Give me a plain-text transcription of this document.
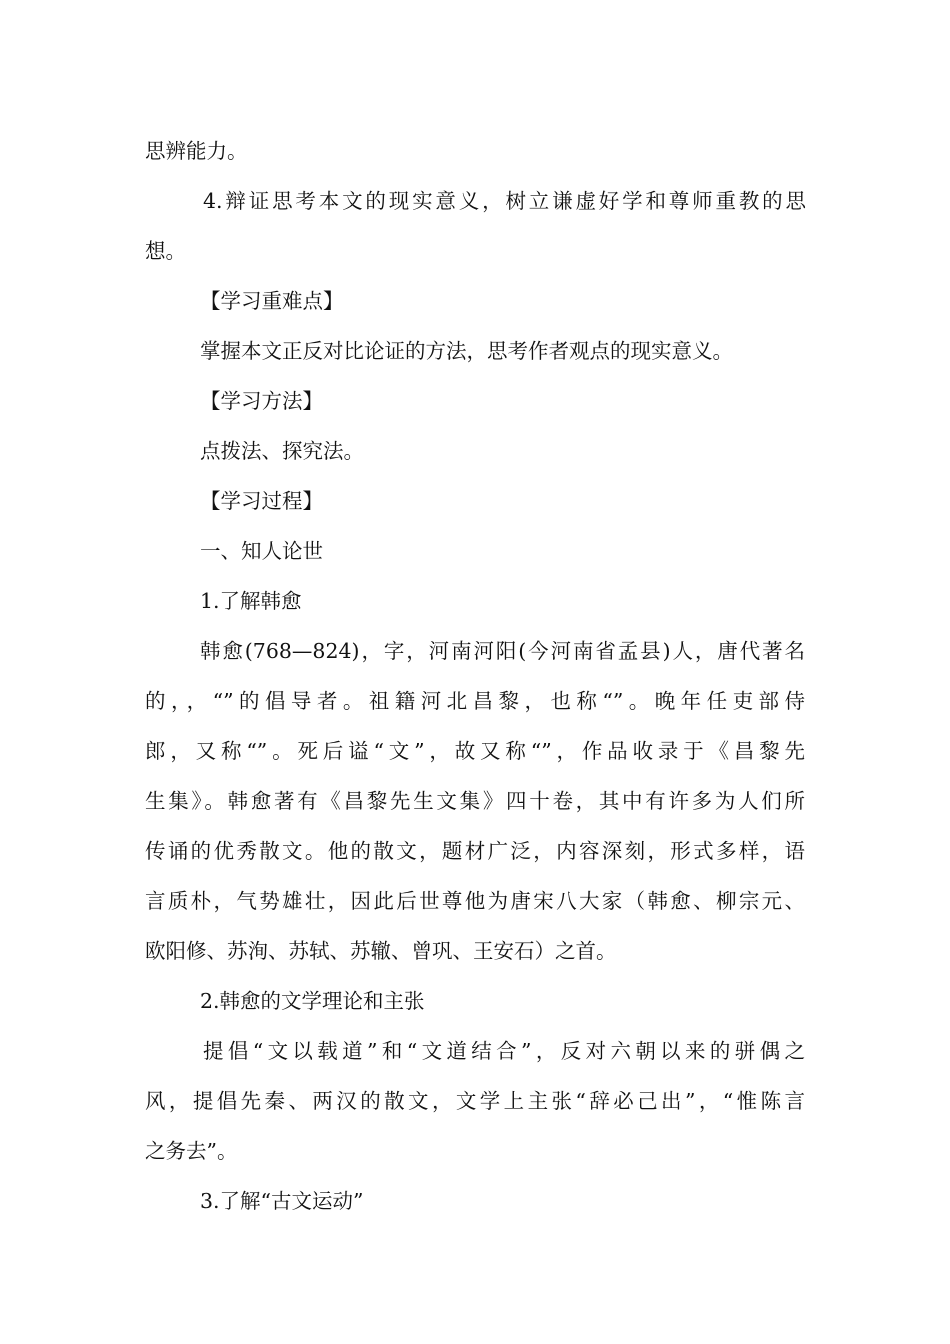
思辨能力。
4.辩证思考本文的现实意义，树立谦虚好学和尊师重教的思
想。
【学习重难点】
掌握本文正反对比论证的方法，思考作者观点的现实意义。
【学习方法】
点拨法、探究法。
【学习过程】
一、知人论世
1.了解韩愈
韩愈(768—824)，字，河南河阳(今河南省孟县)人，唐代著名
的，，“”的倡导者。祖籍河北昌黎，也称“”。晚年任吏部侍
郎，又称“”。死后谥“文”，故又称“”，作品收录于《昌黎先
生集》。韩愈著有《昌黎先生文集》四十卷，其中有许多为人们所
传诵的优秀散文。他的散文，题材广泛，内容深刻，形式多样，语
言质朴，气势雄壮，因此后世尊他为唐宋八大家（韩愈、柳宗元、
欧阳修、苏洵、苏轼、苏辙、曾巩、王安石）之首。
2.韩愈的文学理论和主张
提倡“文以载道”和“文道结合”，反对六朝以来的骈偶之
风，提倡先秦、两汉的散文，文学上主张“辞必己出”，“惟陈言
之务去”。
3.了解“古文运动”
